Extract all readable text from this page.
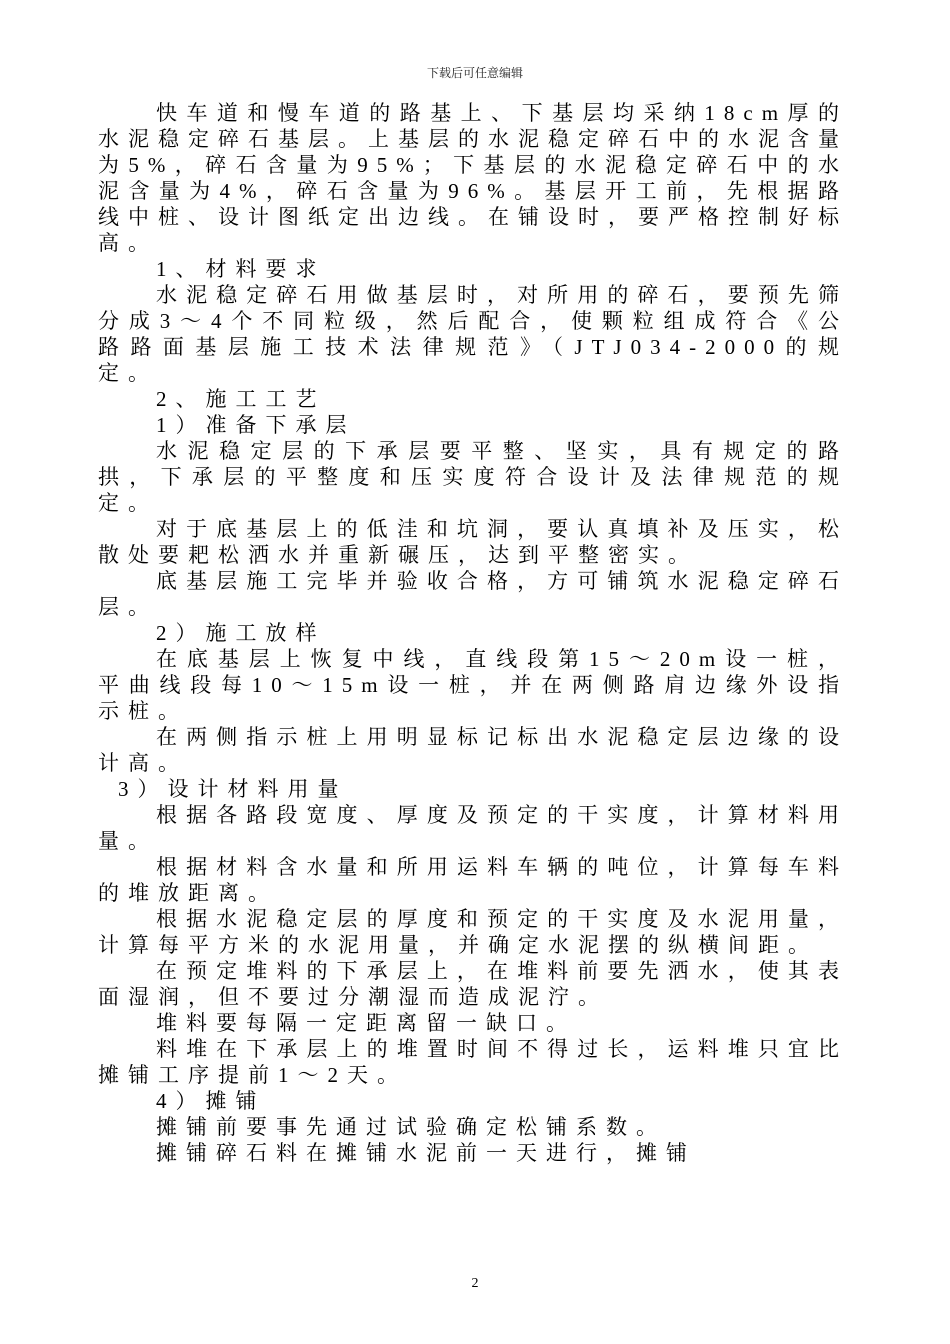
下载后可任意编辑

快车道和慢车道的路基上、下基层均采纳18cm厚的水泥稳定碎石基层。上基层的水泥稳定碎石中的水泥含量为5%，碎石含量为95%；下基层的水泥稳定碎石中的水泥含量为4%，碎石含量为96%。基层开工前，先根据路线中桩、设计图纸定出边线。在铺设时，要严格控制好标高。

1、材料要求

水泥稳定碎石用做基层时，对所用的碎石，要预先筛分成3～4个不同粒级，然后配合，使颗粒组成符合《公路路面基层施工技术法律规范》（JTJ034-2000的规定。

2、施工工艺

1）准备下承层

水泥稳定层的下承层要平整、坚实，具有规定的路拱，下承层的平整度和压实度符合设计及法律规范的规定。

对于底基层上的低洼和坑洞，要认真填补及压实，松散处要耙松洒水并重新碾压，达到平整密实。

底基层施工完毕并验收合格，方可铺筑水泥稳定碎石层。

2）施工放样

在底基层上恢复中线，直线段第15～20m设一桩，平曲线段每10～15m设一桩，并在两侧路肩边缘外设指示桩。

在两侧指示桩上用明显标记标出水泥稳定层边缘的设计高。

3）设计材料用量

根据各路段宽度、厚度及预定的干实度，计算材料用量。

根据材料含水量和所用运料车辆的吨位，计算每车料的堆放距离。

根据水泥稳定层的厚度和预定的干实度及水泥用量，计算每平方米的水泥用量，并确定水泥摆的纵横间距。

在预定堆料的下承层上，在堆料前要先洒水，使其表面湿润，但不要过分潮湿而造成泥泞。

堆料要每隔一定距离留一缺口。

料堆在下承层上的堆置时间不得过长，运料堆只宜比摊铺工序提前1～2天。

4）摊铺

摊铺前要事先通过试验确定松铺系数。

摊铺碎石料在摊铺水泥前一天进行，摊铺

2
